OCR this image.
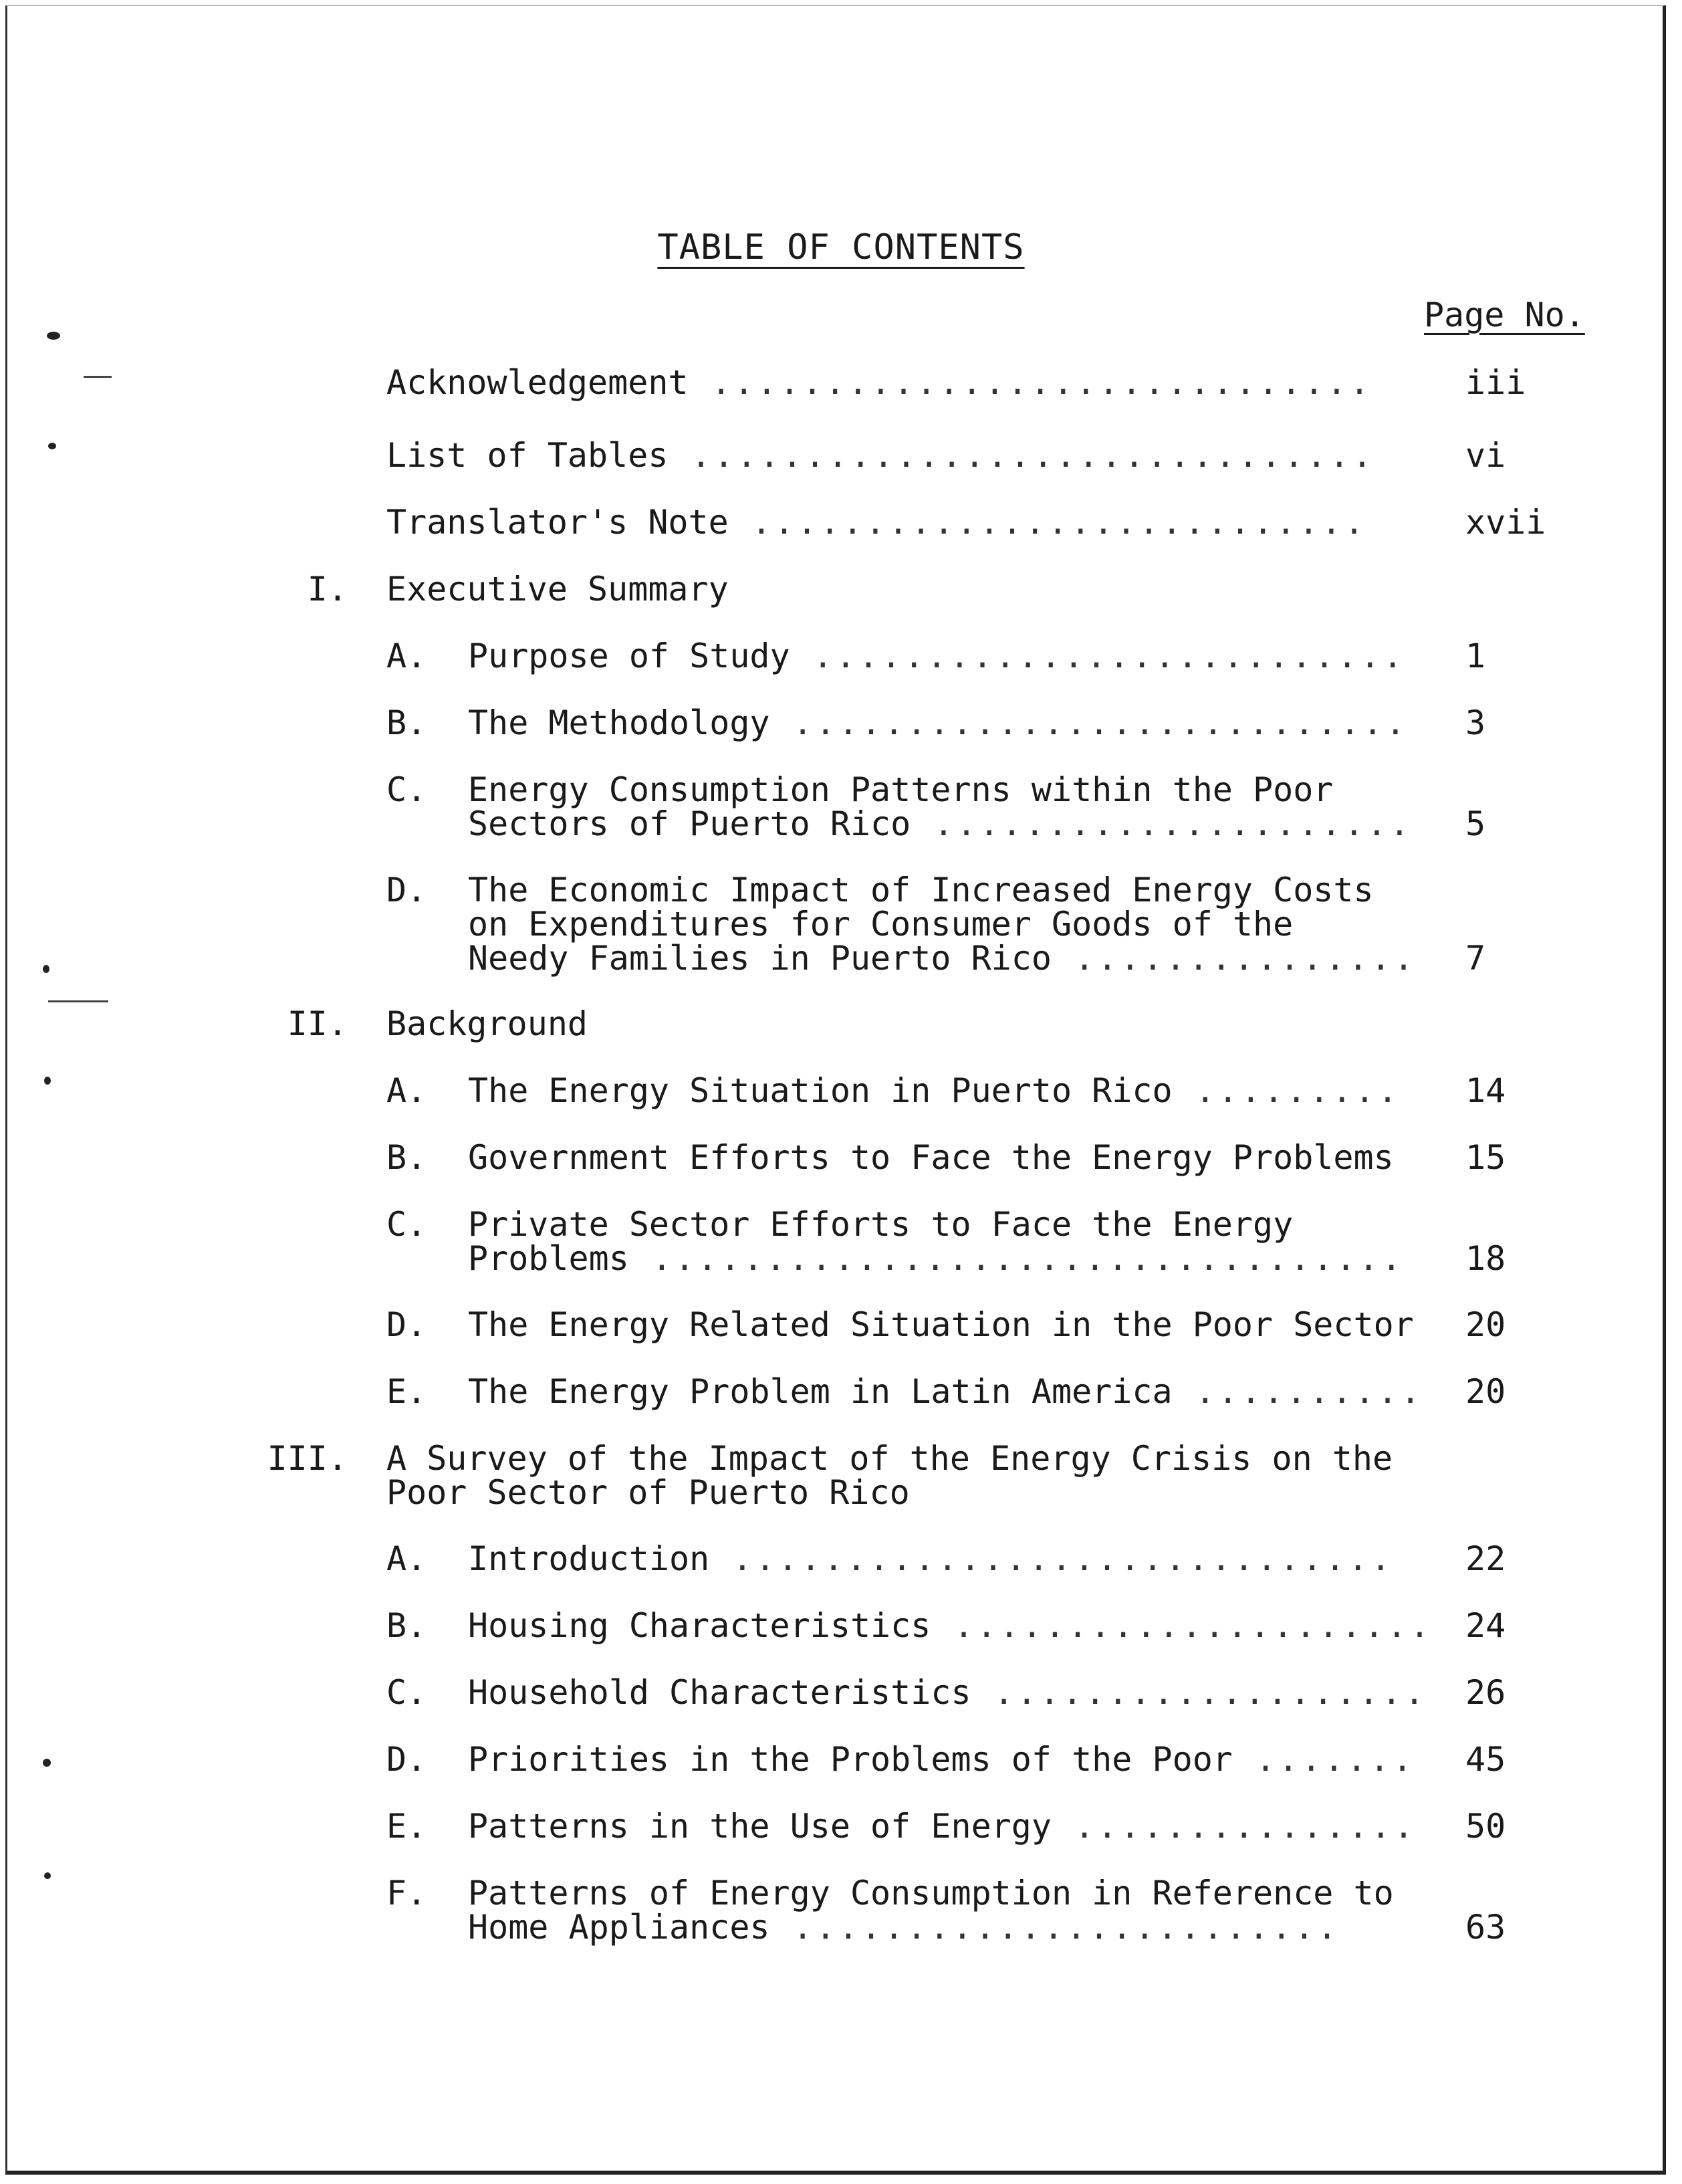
TABLE OF CONTENTS
Page No.
Acknowledgement .............................	iii
List of Tables ..............................	vi
Translator's Note ...........................	xvii
I. Executive Summary
A. Purpose of Study .......................... 1
B. The Methodology ........................... 3
C. Energy Consumption Patterns within the Poor
Sectors of Puerto Rico ..................... 5
D. The Economic Impact of Increased Energy Costs
on Expenditures for Consumer Goods of the
Needy Families in Puerto Rico ............... 7
II. Background
A. The Energy Situation in Puerto Rico ......... 14
B. Government Efforts to Face the Energy Problems 15
C. Private Sector Efforts to Face the Energy
Problems ................................. 18
D. The Energy Related Situation in the Poor Sector 20
E. The Energy Problem in Latin America .......... 20
III. A Survey of the Impact of the Energy Crisis on the
Poor Sector of Puerto Rico
A. Introduction ............................. 22
B. Housing Characteristics ..................... 24
C. Household Characteristics ................... 26
D. Priorities in the Problems of the Poor ....... 45
E. Patterns in the Use of Energy ............... 50
F. Patterns of Energy Consumption in Reference to
Home Appliances ........................	63
